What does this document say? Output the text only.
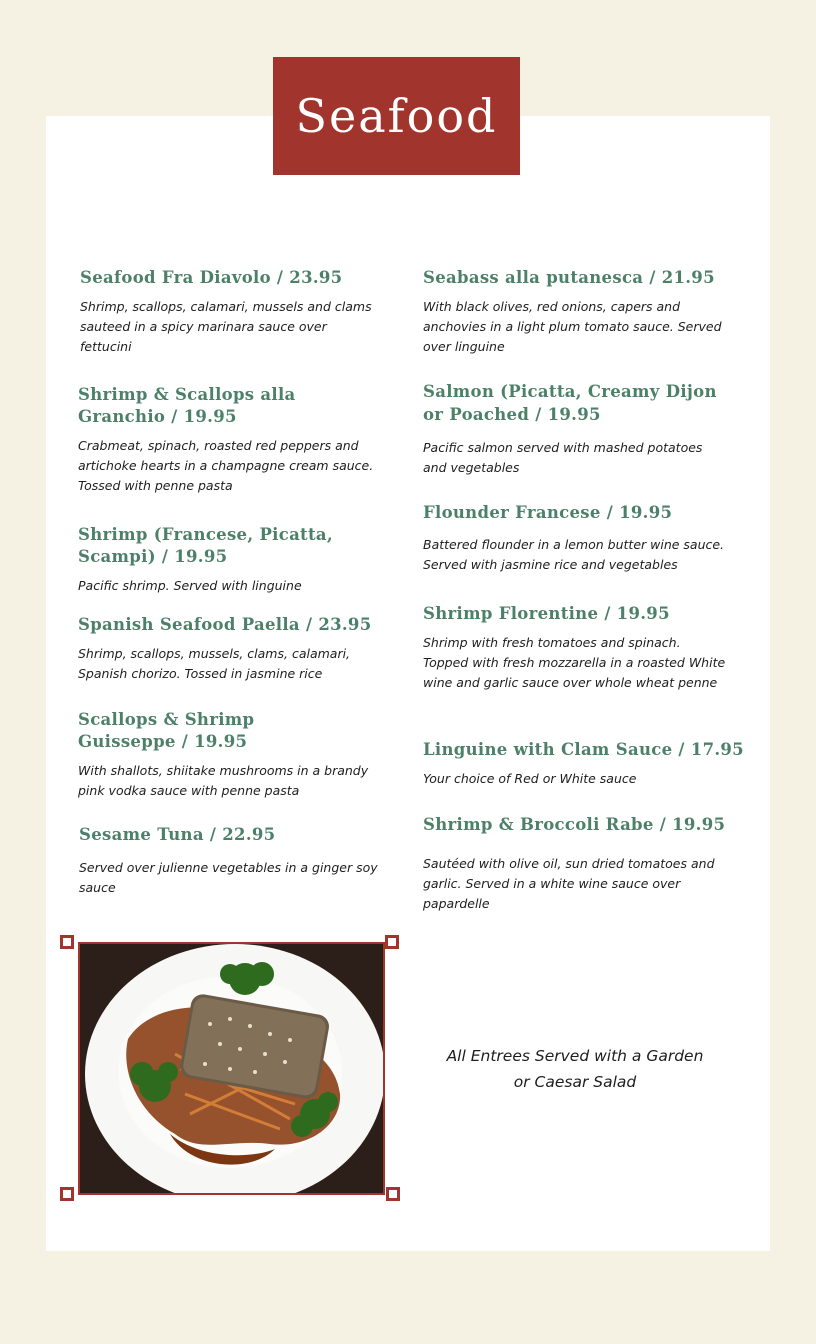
Seafood
Seafood Fra Diavolo / 23.95
Shrimp, scallops, calamari, mussels and clams sauteed in a spicy marinara sauce over fettucini
Shrimp & Scallops alla Granchio / 19.95
Crabmeat, spinach, roasted red peppers and artichoke hearts in a champagne cream sauce. Tossed with penne pasta
Shrimp (Francese, Picatta, Scampi) / 19.95
Pacific shrimp. Served with linguine
Spanish Seafood Paella / 23.95
Shrimp, scallops, mussels, clams, calamari, Spanish chorizo. Tossed in jasmine rice
Scallops & Shrimp Guisseppe / 19.95
With shallots, shiitake mushrooms in a brandy pink vodka sauce with penne pasta
Sesame Tuna / 22.95
Served over julienne vegetables in a ginger soy sauce
Seabass alla putanesca / 21.95
With black olives, red onions, capers and anchovies in a light plum tomato sauce. Served over linguine
Salmon (Picatta, Creamy Dijon or Poached / 19.95
Pacific salmon served with mashed potatoes and vegetables
Flounder Francese / 19.95
Battered flounder in a lemon butter wine sauce. Served with jasmine rice and vegetables
Shrimp Florentine / 19.95
Shrimp with fresh tomatoes and spinach. Topped with fresh mozzarella in a roasted White wine and garlic sauce over whole wheat penne
Linguine with Clam Sauce / 17.95
Your choice of Red or White sauce
Shrimp & Broccoli Rabe / 19.95
Sautéed with olive oil, sun dried tomatoes and garlic. Served in a white wine sauce over papardelle
All Entrees Served with a Garden or Caesar Salad
